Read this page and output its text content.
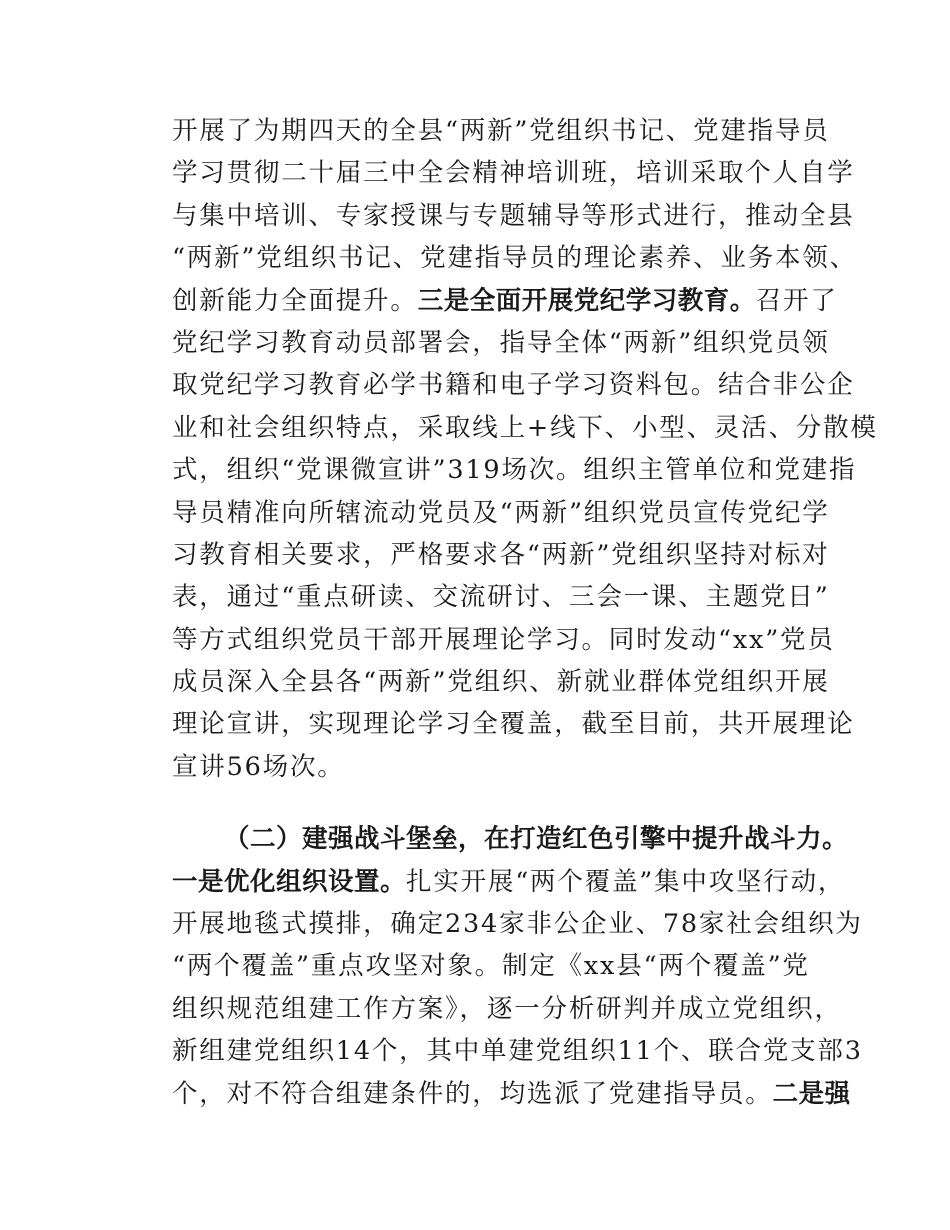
开展了为期四天的全县“两新”党组织书记、党建指导员
学习贯彻二十届三中全会精神培训班，培训采取个人自学
与集中培训、专家授课与专题辅导等形式进行，推动全县
“两新”党组织书记、党建指导员的理论素养、业务本领、
创新能力全面提升。三是全面开展党纪学习教育。召开了
党纪学习教育动员部署会，指导全体“两新”组织党员领
取党纪学习教育必学书籍和电子学习资料包。结合非公企
业和社会组织特点，采取线上+线下、小型、灵活、分散模
式，组织“党课微宣讲”319场次。组织主管单位和党建指
导员精准向所辖流动党员及“两新”组织党员宣传党纪学
习教育相关要求，严格要求各“两新”党组织坚持对标对
表，通过“重点研读、交流研讨、三会一课、主题党日”
等方式组织党员干部开展理论学习。同时发动“xx”党员
成员深入全县各“两新”党组织、新就业群体党组织开展
理论宣讲，实现理论学习全覆盖，截至目前，共开展理论
宣讲56场次。
（二）建强战斗堡垒，在打造红色引擎中提升战斗力。
一是优化组织设置。扎实开展“两个覆盖”集中攻坚行动，
开展地毯式摸排，确定234家非公企业、78家社会组织为
“两个覆盖”重点攻坚对象。制定《xx县“两个覆盖”党
组织规范组建工作方案》，逐一分析研判并成立党组织，
新组建党组织14个，其中单建党组织11个、联合党支部3
个，对不符合组建条件的，均选派了党建指导员。二是强
